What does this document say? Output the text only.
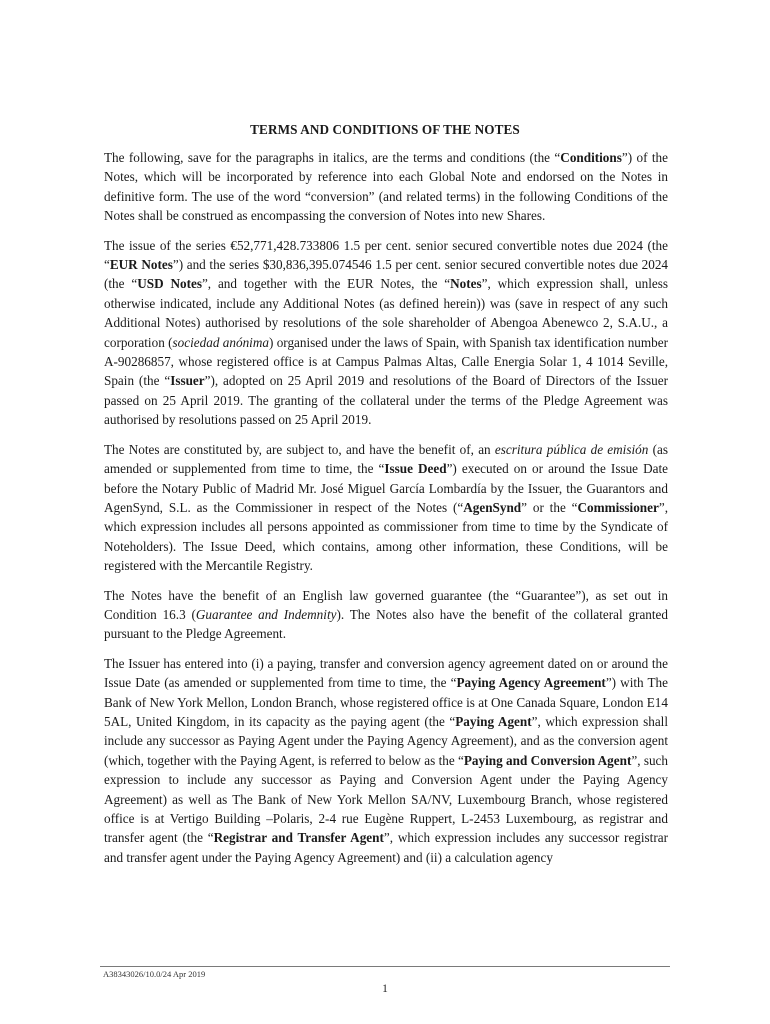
TERMS AND CONDITIONS OF THE NOTES

The following, save for the paragraphs in italics, are the terms and conditions (the “Conditions”) of the Notes, which will be incorporated by reference into each Global Note and endorsed on the Notes in definitive form. The use of the word “conversion” (and related terms) in the following Conditions of the Notes shall be construed as encompassing the conversion of Notes into new Shares.

The issue of the series €52,771,428.733806 1.5 per cent. senior secured convertible notes due 2024 (the “EUR Notes”) and the series $30,836,395.074546 1.5 per cent. senior secured convertible notes due 2024 (the “USD Notes”, and together with the EUR Notes, the “Notes”, which expression shall, unless otherwise indicated, include any Additional Notes (as defined herein)) was (save in respect of any such Additional Notes) authorised by resolutions of the sole shareholder of Abengoa Abenewco 2, S.A.U., a corporation (sociedad anónima) organised under the laws of Spain, with Spanish tax identification number A-90286857, whose registered office is at Campus Palmas Altas, Calle Energia Solar 1, 4 1014 Seville, Spain (the “Issuer”), adopted on 25 April 2019 and resolutions of the Board of Directors of the Issuer passed on 25 April 2019. The granting of the collateral under the terms of the Pledge Agreement was authorised by resolutions passed on 25 April 2019.

The Notes are constituted by, are subject to, and have the benefit of, an escritura pública de emisión (as amended or supplemented from time to time, the “Issue Deed”) executed on or around the Issue Date before the Notary Public of Madrid Mr. José Miguel García Lombardía by the Issuer, the Guarantors and AgenSynd, S.L. as the Commissioner in respect of the Notes (“AgenSynd” or the “Commissioner”, which expression includes all persons appointed as commissioner from time to time by the Syndicate of Noteholders). The Issue Deed, which contains, among other information, these Conditions, will be registered with the Mercantile Registry.

The Notes have the benefit of an English law governed guarantee (the “Guarantee”), as set out in Condition 16.3 (Guarantee and Indemnity). The Notes also have the benefit of the collateral granted pursuant to the Pledge Agreement.

The Issuer has entered into (i) a paying, transfer and conversion agency agreement dated on or around the Issue Date (as amended or supplemented from time to time, the “Paying Agency Agreement”) with The Bank of New York Mellon, London Branch, whose registered office is at One Canada Square, London E14 5AL, United Kingdom, in its capacity as the paying agent (the “Paying Agent”, which expression shall include any successor as Paying Agent under the Paying Agency Agreement), and as the conversion agent (which, together with the Paying Agent, is referred to below as the “Paying and Conversion Agent”, such expression to include any successor as Paying and Conversion Agent under the Paying Agency Agreement) as well as The Bank of New York Mellon SA/NV, Luxembourg Branch, whose registered office is at Vertigo Building –Polaris, 2-4 rue Eugène Ruppert, L-2453 Luxembourg, as registrar and transfer agent (the “Registrar and Transfer Agent”, which expression includes any successor registrar and transfer agent under the Paying Agency Agreement) and (ii) a calculation agency

A38343026/10.0/24 Apr 2019
1
